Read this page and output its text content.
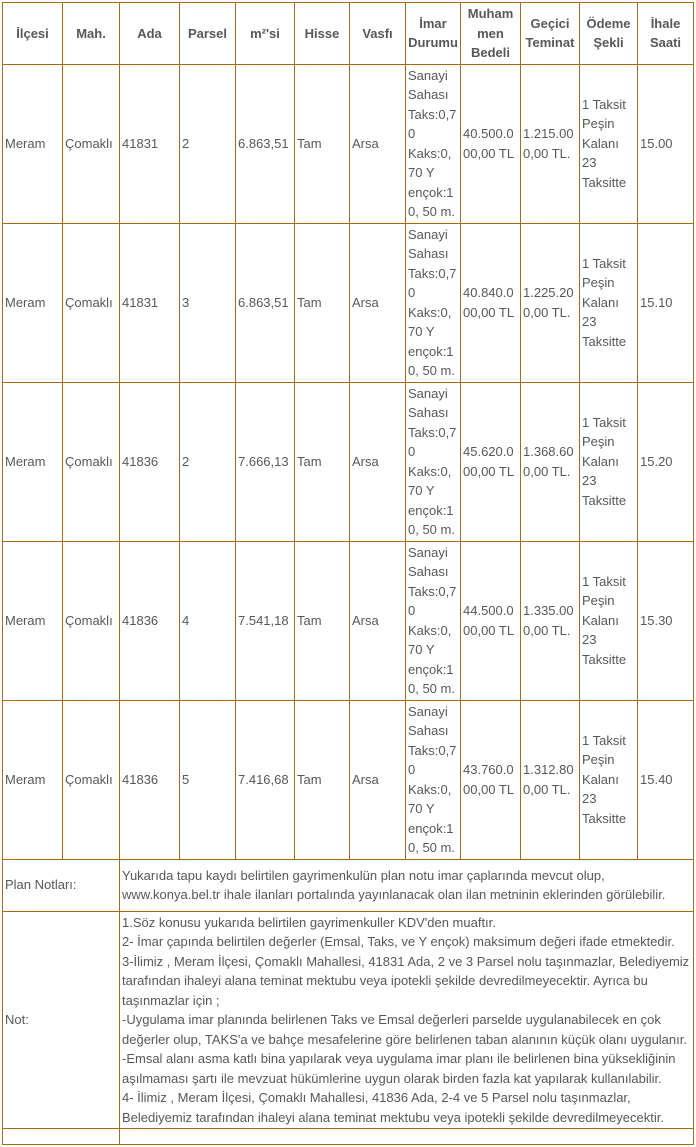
İlçesi	Mah.	Ada	Parsel	m²'si	Hisse	Vasfı	İmar Durumu	Muhammen Bedeli	Geçici Teminat	Ödeme Şekli	İhale Saati
Meram	Çomaklı	41831	2	6.863,51	Tam	Arsa	Sanayi Sahası Taks:0,70 Kaks:0,70 Y ençok:10, 50 m.	40.500.000,00 TL	1.215.000,00 TL.	1 Taksit Peşin Kalanı 23 Taksitte	15.00
Meram	Çomaklı	41831	3	6.863,51	Tam	Arsa	Sanayi Sahası Taks:0,70 Kaks:0,70 Y ençok:10, 50 m.	40.840.000,00 TL	1.225.200,00 TL.	1 Taksit Peşin Kalanı 23 Taksitte	15.10
Meram	Çomaklı	41836	2	7.666,13	Tam	Arsa	Sanayi Sahası Taks:0,70 Kaks:0,70 Y ençok:10, 50 m.	45.620.000,00 TL	1.368.600,00 TL.	1 Taksit Peşin Kalanı 23 Taksitte	15.20
Meram	Çomaklı	41836	4	7.541,18	Tam	Arsa	Sanayi Sahası Taks:0,70 Kaks:0,70 Y ençok:10, 50 m.	44.500.000,00 TL	1.335.000,00 TL.	1 Taksit Peşin Kalanı 23 Taksitte	15.30
Meram	Çomaklı	41836	5	7.416,68	Tam	Arsa	Sanayi Sahası Taks:0,70 Kaks:0,70 Y ençok:10, 50 m.	43.760.000,00 TL	1.312.800,00 TL.	1 Taksit Peşin Kalanı 23 Taksitte	15.40
Plan Notları:		Yukarıda tapu kaydı belirtilen gayrimenkulün plan notu imar çaplarında mevcut olup, www.konya.bel.tr ihale ilanları portalında yayınlanacak olan ilan metninin eklerinden görülebilir.									
Not:	
1.Söz konusu yukarıda belirtilen gayrimenkuller KDV'den muaftır.
2- İmar çapında belirtilen değerler (Emsal, Taks, ve Y ençok) maksimum değeri ifade etmektedir.
3-İlimiz , Meram İlçesi, Çomaklı Mahallesi, 41831 Ada, 2 ve 3 Parsel nolu taşınmazlar, Belediyemiz tarafından ihaleyi alana teminat mektubu veya ipotekli şekilde devredilmeyecektir. Ayrıca bu taşınmazlar için ;
-Uygulama imar planında belirlenen Taks ve Emsal değerleri parselde uygulanabilecek en çok değerler olup, TAKS'a ve bahçe mesafelerine göre belirlenen taban alanının küçük olanı uygulanır.
-Emsal alanı asma katlı bina yapılarak veya uygulama imar planı ile belirlenen bina yüksekliğinin aşılmaması şartı ile mevzuat hükümlerine uygun olarak birden fazla kat yapılarak kullanılabilir.
4- İlimiz , Meram İlçesi, Çomaklı Mahallesi, 41836 Ada, 2-4 ve 5 Parsel nolu taşınmazlar, Belediyemiz tarafından ihaleyi alana teminat mektubu veya ipotekli şekilde devredilmeyecektir.
